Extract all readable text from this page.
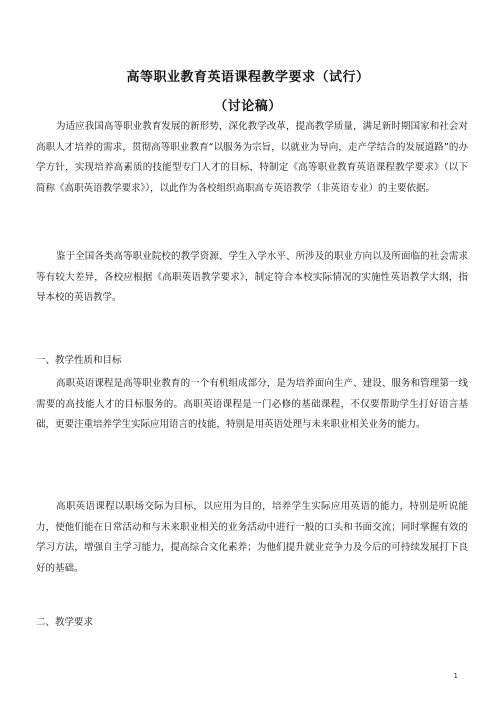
高等职业教育英语课程教学要求（试行）
（讨论稿）

为适应我国高等职业教育发展的新形势，深化教学改革，提高教学质量，满足新时期国家和社会对高职人才培养的需求，贯彻高等职业教育“以服务为宗旨，以就业为导向，走产学结合的发展道路”的办学方针，实现培养高素质的技能型专门人才的目标，特制定《高等职业教育英语课程教学要求》（以下简称《高职英语教学要求》），以此作为各校组织高职高专英语教学（非英语专业）的主要依据。

鉴于全国各类高等职业院校的教学资源、学生入学水平、所涉及的职业方向以及所面临的社会需求等有较大差异，各校应根据《高职英语教学要求》，制定符合本校实际情况的实施性英语教学大纲，指导本校的英语教学。

一、教学性质和目标

高职英语课程是高等职业教育的一个有机组成部分，是为培养面向生产、建设、服务和管理第一线需要的高技能人才的目标服务的。高职英语课程是一门必修的基础课程，不仅要帮助学生打好语言基础，更要注重培养学生实际应用语言的技能，特别是用英语处理与未来职业相关业务的能力。

高职英语课程以职场交际为目标，以应用为目的，培养学生实际应用英语的能力，特别是听说能力，使他们能在日常活动和与未来职业相关的业务活动中进行一般的口头和书面交流；同时掌握有效的学习方法，增强自主学习能力，提高综合文化素养；为他们提升就业竞争力及今后的可持续发展打下良好的基础。

二、教学要求
1
